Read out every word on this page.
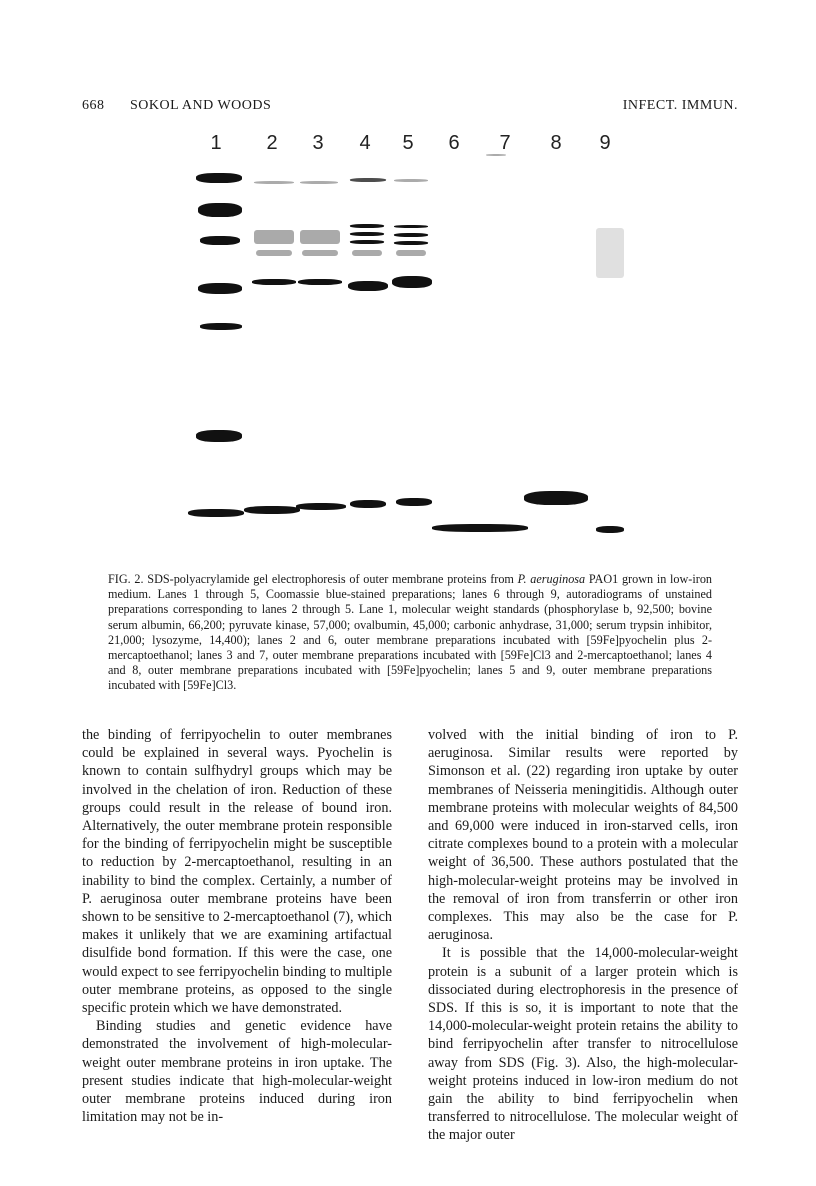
668 SOKOL AND WOODS	INFECT. IMMUN.
1	2	3	4	5	6	7	8	9
FIG. 2. SDS-polyacrylamide gel electrophoresis of outer membrane proteins from P. aeruginosa PAO1 grown in low-iron medium. Lanes 1 through 5, Coomassie blue-stained preparations; lanes 6 through 9, autoradiograms of unstained preparations corresponding to lanes 2 through 5. Lane 1, molecular weight standards (phosphorylase b, 92,500; bovine serum albumin, 66,200; pyruvate kinase, 57,000; ovalbumin, 45,000; carbonic anhydrase, 31,000; serum trypsin inhibitor, 21,000; lysozyme, 14,400); lanes 2 and 6, outer membrane preparations incubated with [59Fe]pyochelin plus 2-mercaptoethanol; lanes 3 and 7, outer membrane preparations incubated with [59Fe]Cl3 and 2-mercaptoethanol; lanes 4 and 8, outer membrane preparations incubated with [59Fe]pyochelin; lanes 5 and 9, outer membrane preparations incubated with [59Fe]Cl3.

the binding of ferripyochelin to outer membranes could be explained in several ways. Pyochelin is known to contain sulfhydryl groups which may be involved in the chelation of iron. Reduction of these groups could result in the release of bound iron. Alternatively, the outer membrane protein responsible for the binding of ferripyochelin might be susceptible to reduction by 2-mercaptoethanol, resulting in an inability to bind the complex. Certainly, a number of P. aeruginosa outer membrane proteins have been shown to be sensitive to 2-mercaptoethanol (7), which makes it unlikely that we are examining artifactual disulfide bond formation. If this were the case, one would expect to see ferripyochelin binding to multiple outer membrane proteins, as opposed to the single specific protein which we have demonstrated.

Binding studies and genetic evidence have demonstrated the involvement of high-molecular-weight outer membrane proteins in iron uptake. The present studies indicate that high-molecular-weight outer membrane proteins induced during iron limitation may not be in-

volved with the initial binding of iron to P. aeruginosa. Similar results were reported by Simonson et al. (22) regarding iron uptake by outer membranes of Neisseria meningitidis. Although outer membrane proteins with molecular weights of 84,500 and 69,000 were induced in iron-starved cells, iron citrate complexes bound to a protein with a molecular weight of 36,500. These authors postulated that the high-molecular-weight proteins may be involved in the removal of iron from transferrin or other iron complexes. This may also be the case for P. aeruginosa.

It is possible that the 14,000-molecular-weight protein is a subunit of a larger protein which is dissociated during electrophoresis in the presence of SDS. If this is so, it is important to note that the 14,000-molecular-weight protein retains the ability to bind ferripyochelin after transfer to nitrocellulose away from SDS (Fig. 3). Also, the high-molecular-weight proteins induced in low-iron medium do not gain the ability to bind ferripyochelin when transferred to nitrocellulose. The molecular weight of the major outer
